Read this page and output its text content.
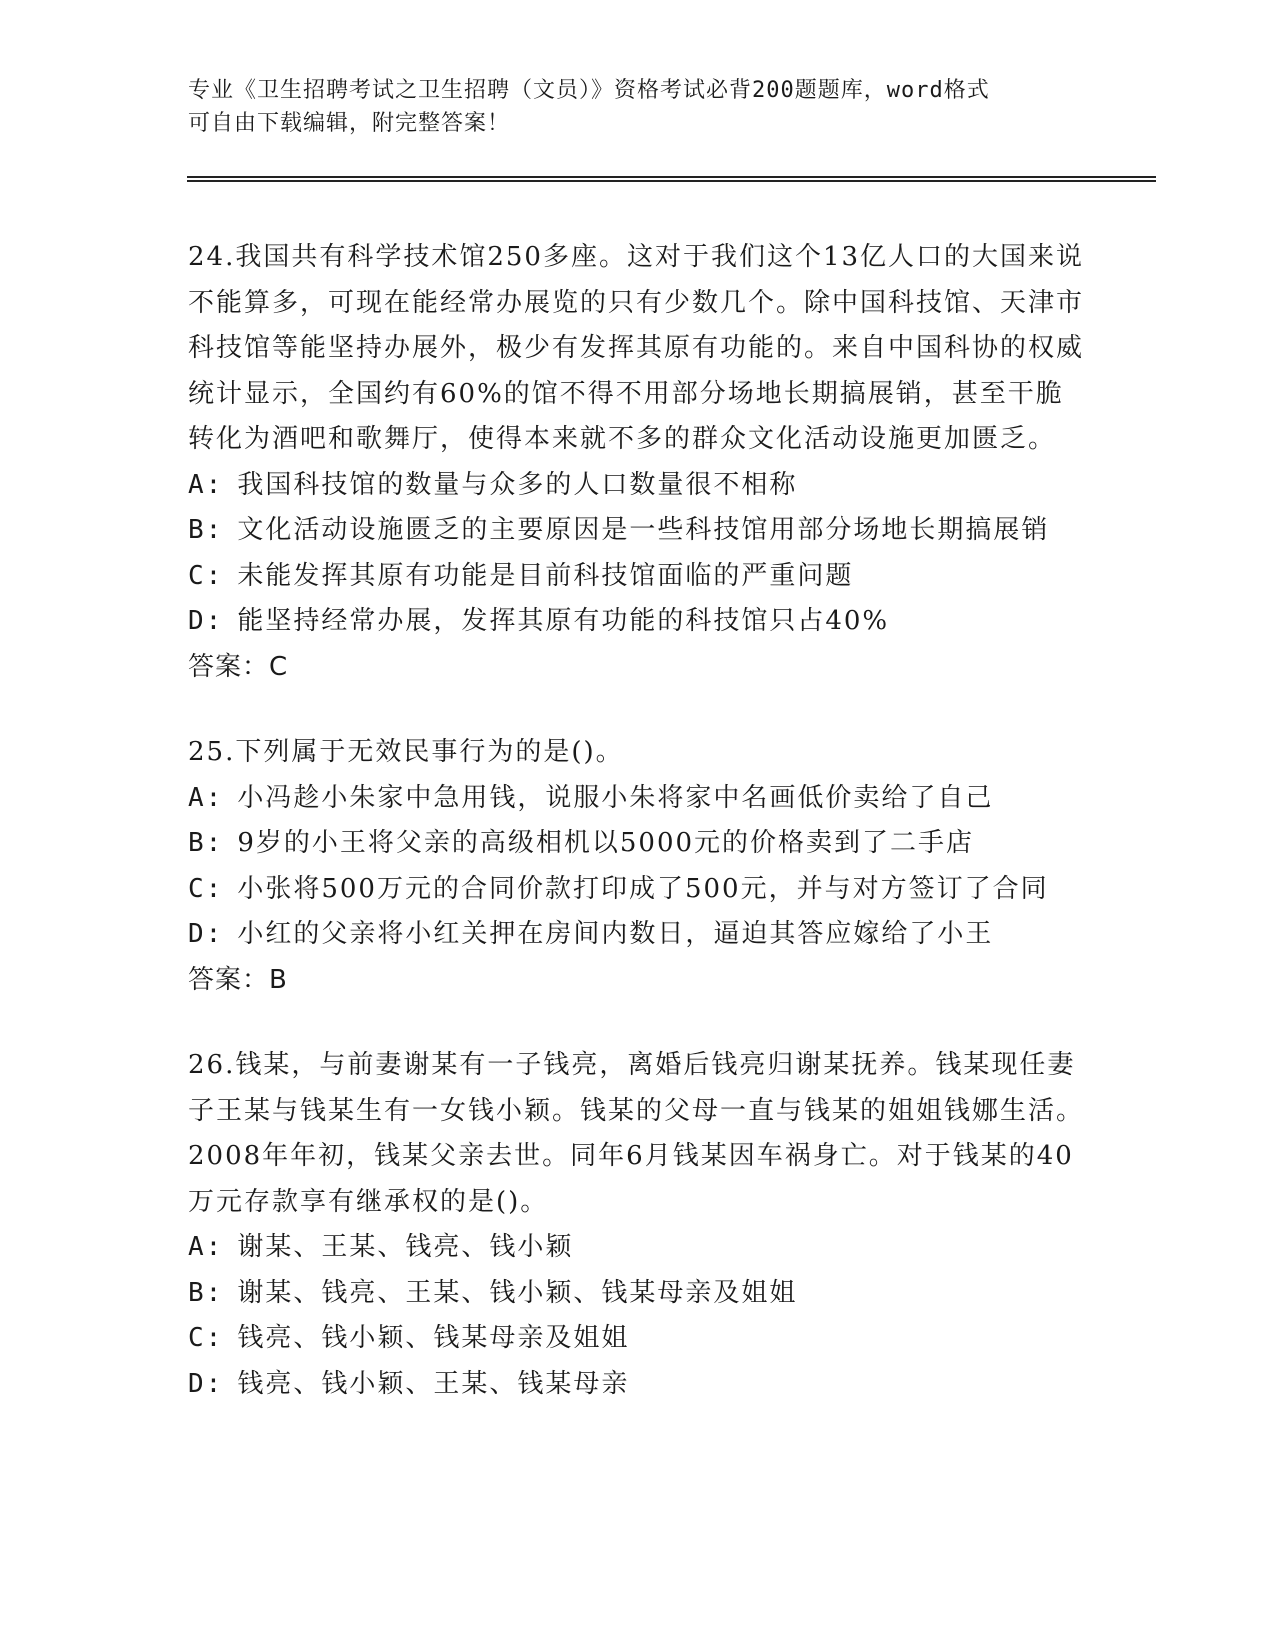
专业《卫生招聘考试之卫生招聘（文员）》资格考试必背200题题库，word格式
可自由下载编辑，附完整答案！

24.我国共有科学技术馆250多座。这对于我们这个13亿人口的大国来说不能算多，可现在能经常办展览的只有少数几个。除中国科技馆、天津市科技馆等能坚持办展外，极少有发挥其原有功能的。来自中国科协的权威统计显示，全国约有60%的馆不得不用部分场地长期搞展销，甚至干脆转化为酒吧和歌舞厅，使得本来就不多的群众文化活动设施更加匮乏。

A: 我国科技馆的数量与众多的人口数量很不相称

B: 文化活动设施匮乏的主要原因是一些科技馆用部分场地长期搞展销

C: 未能发挥其原有功能是目前科技馆面临的严重问题

D: 能坚持经常办展，发挥其原有功能的科技馆只占40%

答案：C

25.下列属于无效民事行为的是()。

A: 小冯趁小朱家中急用钱，说服小朱将家中名画低价卖给了自己

B: 9岁的小王将父亲的高级相机以5000元的价格卖到了二手店

C: 小张将500万元的合同价款打印成了500元，并与对方签订了合同

D: 小红的父亲将小红关押在房间内数日，逼迫其答应嫁给了小王

答案：B

26.钱某，与前妻谢某有一子钱亮，离婚后钱亮归谢某抚养。钱某现任妻子王某与钱某生有一女钱小颖。钱某的父母一直与钱某的姐姐钱娜生活。2008年年初，钱某父亲去世。同年6月钱某因车祸身亡。对于钱某的40万元存款享有继承权的是()。

A: 谢某、王某、钱亮、钱小颖

B: 谢某、钱亮、王某、钱小颖、钱某母亲及姐姐

C: 钱亮、钱小颖、钱某母亲及姐姐

D: 钱亮、钱小颖、王某、钱某母亲
